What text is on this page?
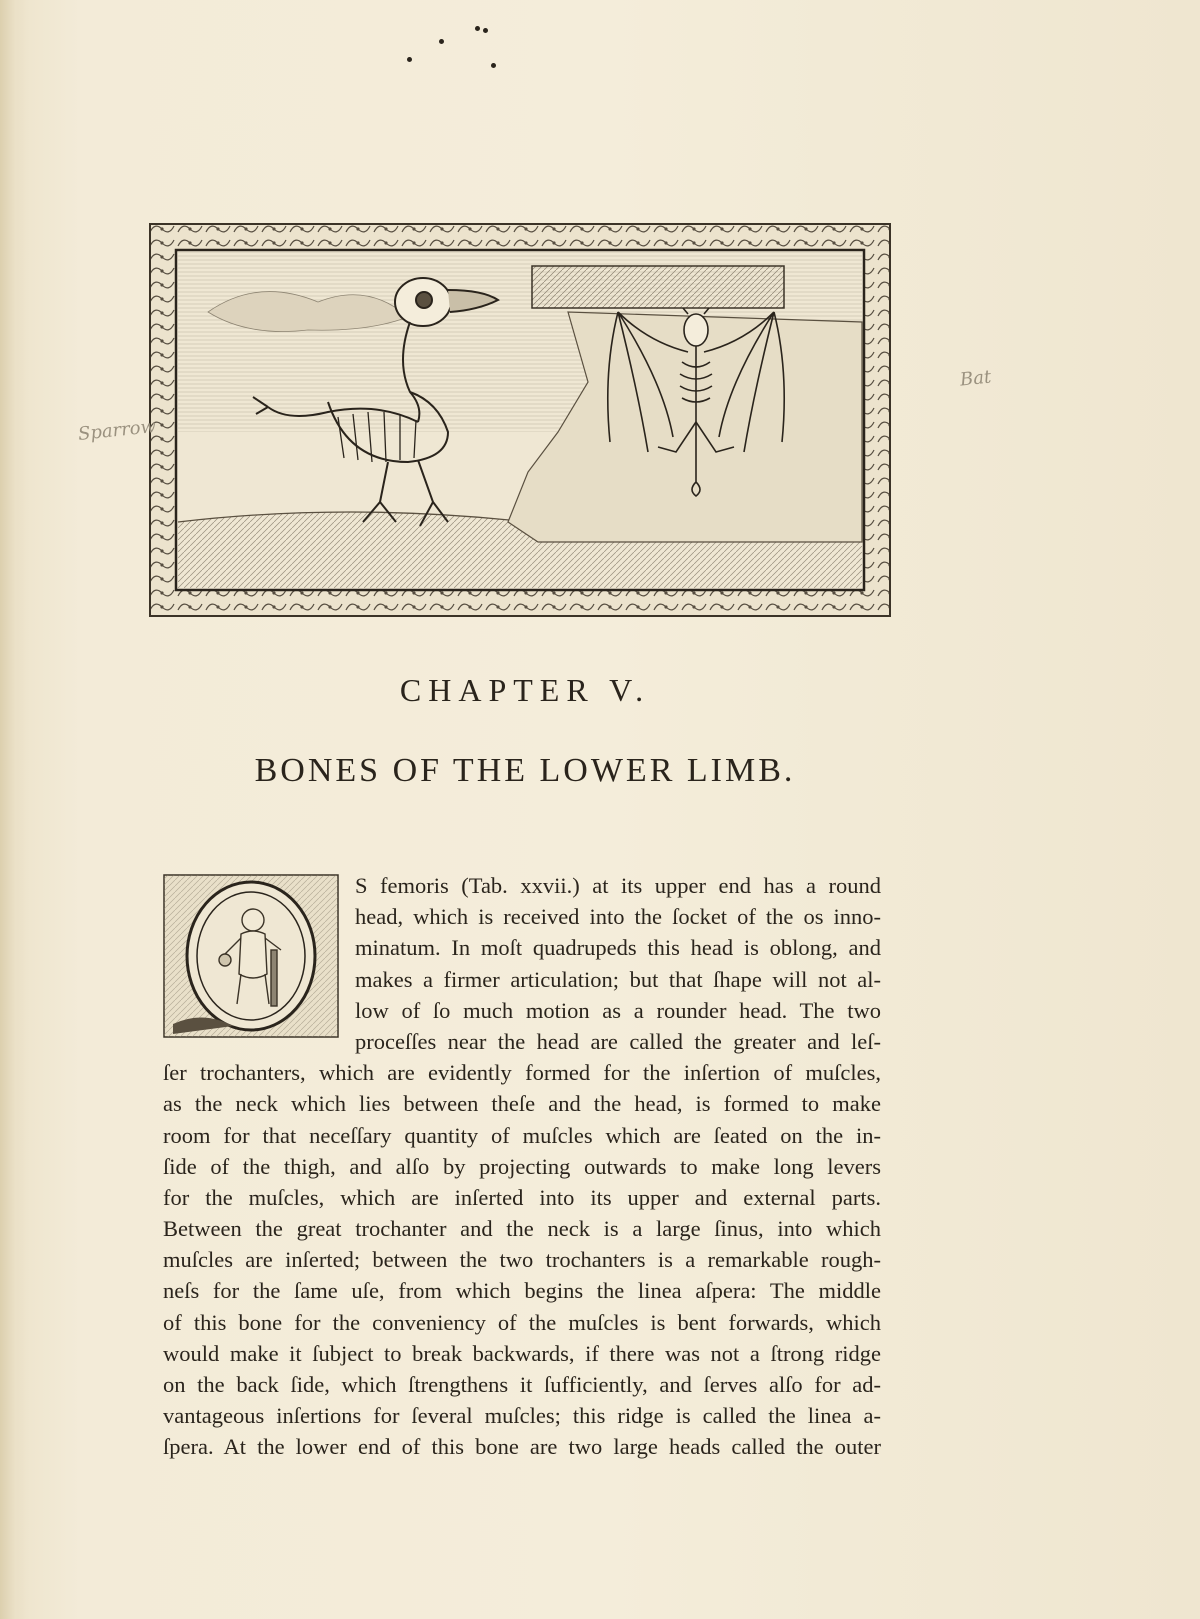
Sparrow
Bat
CHAPTER V.
BONES OF THE LOWER LIMB.
S femoris (Tab. xxvii.) at its upper end has a round
head, which is received into the ſocket of the os inno-
minatum. In moſt quadrupeds this head is oblong, and
makes a firmer articulation; but that ſhape will not al-
low of ſo much motion as a rounder head. The two
proceſſes near the head are called the greater and leſ-
ſer trochanters, which are evidently formed for the inſertion of muſcles,
as the neck which lies between theſe and the head, is formed to make
room for that neceſſary quantity of muſcles which are ſeated on the in-
ſide of the thigh, and alſo by projecting outwards to make long levers
for the muſcles, which are inſerted into its upper and external parts.
Between the great trochanter and the neck is a large ſinus, into which
muſcles are inſerted; between the two trochanters is a remarkable rough-
neſs for the ſame uſe, from which begins the linea aſpera: The middle
of this bone for the conveniency of the muſcles is bent forwards, which
would make it ſubject to break backwards, if there was not a ſtrong ridge
on the back ſide, which ſtrengthens it ſufficiently, and ſerves alſo for ad-
vantageous inſertions for ſeveral muſcles; this ridge is called the linea a-
ſpera. At the lower end of this bone are two large heads called the outer
